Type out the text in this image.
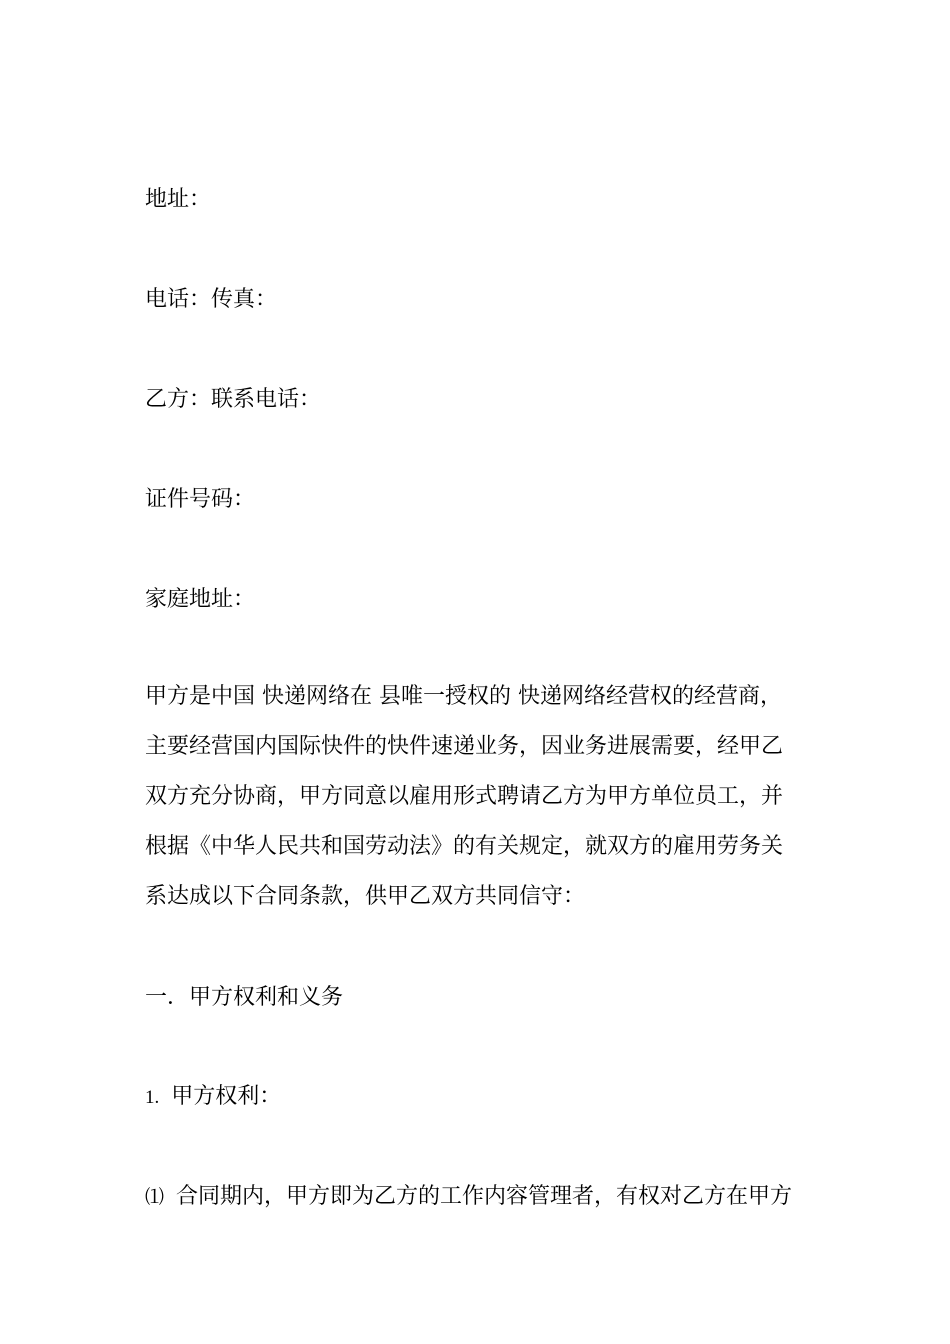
地址：
电话：传真：
乙方：联系电话：
证件号码：
家庭地址：
甲方是中国 快递网络在 县唯一授权的 快递网络经营权的经营商，
主要经营国内国际快件的快件速递业务，因业务进展需要，经甲乙
双方充分协商，甲方同意以雇用形式聘请乙方为甲方单位员工，并
根据《中华人民共和国劳动法》的有关规定，就双方的雇用劳务关
系达成以下合同条款，供甲乙双方共同信守：
一．甲方权利和义务
1. 甲方权利：
⑴ 合同期内，甲方即为乙方的工作内容管理者，有权对乙方在甲方
